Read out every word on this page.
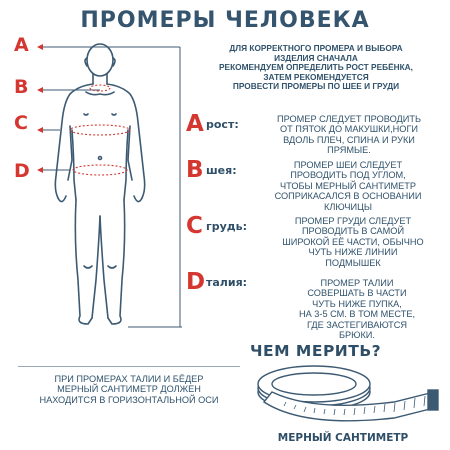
ПРОМЕРЫ ЧЕЛОВЕКА
ДЛЯ КОРРЕКТНОГО ПРОМЕРА И ВЫБОРА
ИЗДЕЛИЯ СНАЧАЛА
РЕКОМЕНДУЕМ ОПРЕДЕЛИТЬ РОСТ РЕБЁНКА,
ЗАТЕМ РЕКОМЕНДУЕТСЯ
ПРОВЕСТИ ПРОМЕРЫ ПО ШЕЕ И ГРУДИ
A
B
C
D
A рост:	ПРОМЕР СЛЕДУЕТ ПРОВОДИТЬ
ОТ ПЯТОК ДО МАКУШКИ,НОГИ
ВДОЛЬ ПЛЕЧ, СПИНА И РУКИ
ПРЯМЫЕ.
B шея:	ПРОМЕР ШЕИ СЛЕДУЕТ
ПРОВОДИТЬ ПОД УГЛОМ,
ЧТОБЫ МЕРНЫЙ САНТИМЕТР
СОПРИКАСАЛСЯ В ОСНОВАНИИ
КЛЮЧИЦЫ
C грудь:	ПРОМЕР ГРУДИ СЛЕДУЕТ
ПРОВОДИТЬ В САМОЙ
ШИРОКОЙ ЕЁ ЧАСТИ, ОБЫЧНО
ЧУТЬ НИЖЕ ЛИНИИ
ПОДМЫШЕК
D талия:	ПРОМЕР ТАЛИИ
СОВЕРШАТЬ В ЧАСТИ
ЧУТЬ НИЖЕ ПУПКА,
НА 3-5 СМ. В ТОМ МЕСТЕ,
ГДЕ ЗАСТЕГИВАЮТСЯ
БРЮКИ.
ЧЕМ МЕРИТЬ?
ПРИ ПРОМЕРАХ ТАЛИИ И БЁДЕР
МЕРНЫЙ САНТИМЕТР ДОЛЖЕН
НАХОДИТСЯ В ГОРИЗОНТАЛЬНОЙ ОСИ
МЕРНЫЙ САНТИМЕТР
